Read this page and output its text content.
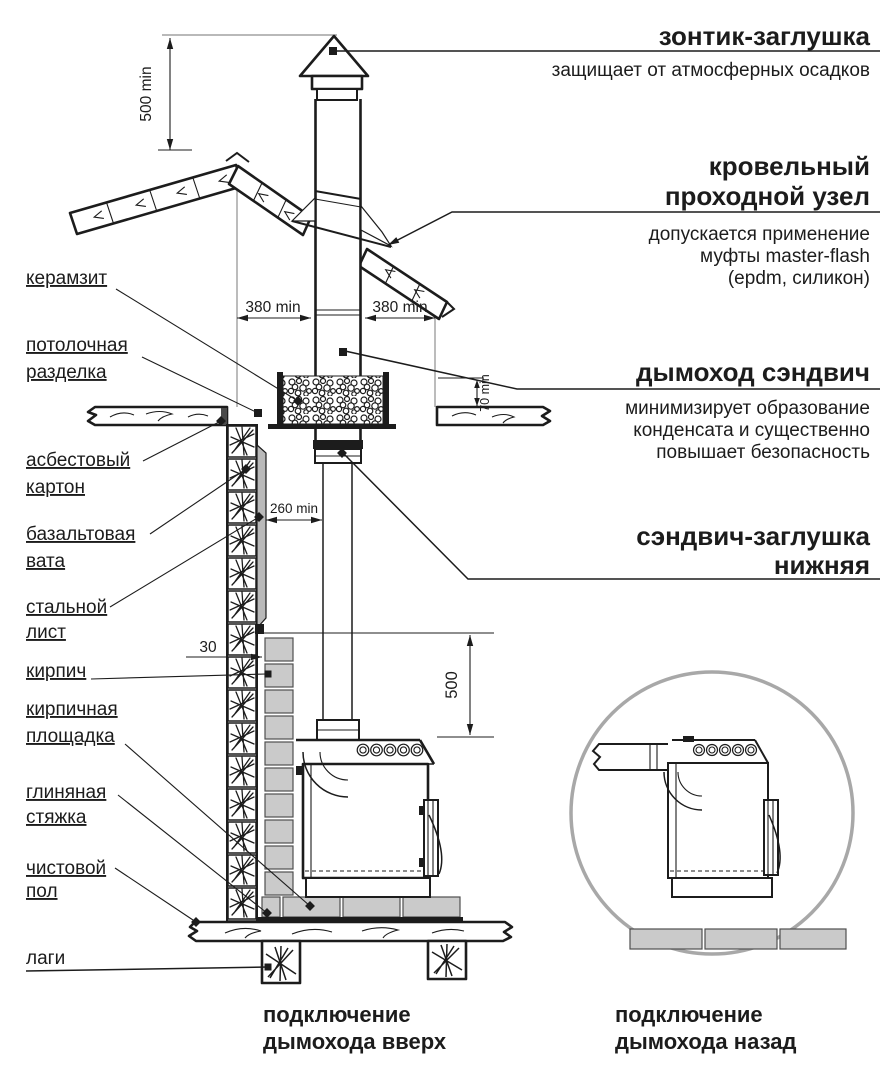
500 min
380 min	380 min
70 min
260 min
30
500
керамзит
потолочная
разделка
асбестовый
картон
базальтовая
вата
стальной
лист
кирпич
кирпичная
площадка
глиняная
стяжка
чистовой
пол
лаги
зонтик-заглушка
защищает от атмосферных осадков
кровельный
проходной узел
допускается применение
муфты master-flash
(epdm, силикон)
дымоход сэндвич
минимизирует образование
конденсата и существенно
повышает безопасность
сэндвич-заглушка
нижняя
подключение
дымохода вверх
подключение
дымохода назад
